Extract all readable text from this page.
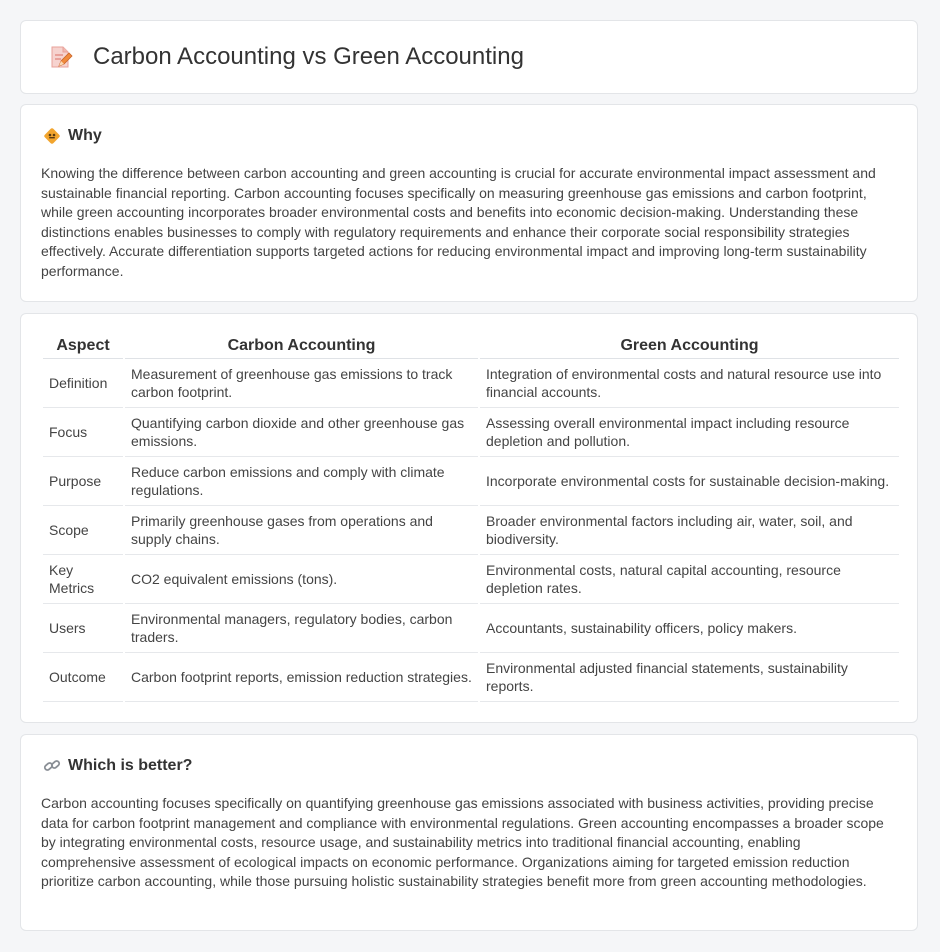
Carbon Accounting vs Green Accounting
Why

Knowing the difference between carbon accounting and green accounting is crucial for accurate environmental impact assessment and sustainable financial reporting. Carbon accounting focuses specifically on measuring greenhouse gas emissions and carbon footprint, while green accounting incorporates broader environmental costs and benefits into economic decision-making. Understanding these distinctions enables businesses to comply with regulatory requirements and enhance their corporate social responsibility strategies effectively. Accurate differentiation supports targeted actions for reducing environmental impact and improving long-term sustainability performance.

Aspect	Carbon Accounting	Green Accounting
Definition	Measurement of greenhouse gas emissions to track carbon footprint.	Integration of environmental costs and natural resource use into financial accounts.
Focus	Quantifying carbon dioxide and other greenhouse gas emissions.	Assessing overall environmental impact including resource depletion and pollution.
Purpose	Reduce carbon emissions and comply with climate regulations.	Incorporate environmental costs for sustainable decision-making.
Scope	Primarily greenhouse gases from operations and supply chains.	Broader environmental factors including air, water, soil, and biodiversity.
Key Metrics	CO2 equivalent emissions (tons).	Environmental costs, natural capital accounting, resource depletion rates.
Users	Environmental managers, regulatory bodies, carbon traders.	Accountants, sustainability officers, policy makers.
Outcome	Carbon footprint reports, emission reduction strategies.	Environmental adjusted financial statements, sustainability reports.
Which is better?

Carbon accounting focuses specifically on quantifying greenhouse gas emissions associated with business activities, providing precise data for carbon footprint management and compliance with environmental regulations. Green accounting encompasses a broader scope by integrating environmental costs, resource usage, and sustainability metrics into traditional financial accounting, enabling comprehensive assessment of ecological impacts on economic performance. Organizations aiming for targeted emission reduction prioritize carbon accounting, while those pursuing holistic sustainability strategies benefit more from green accounting methodologies.
